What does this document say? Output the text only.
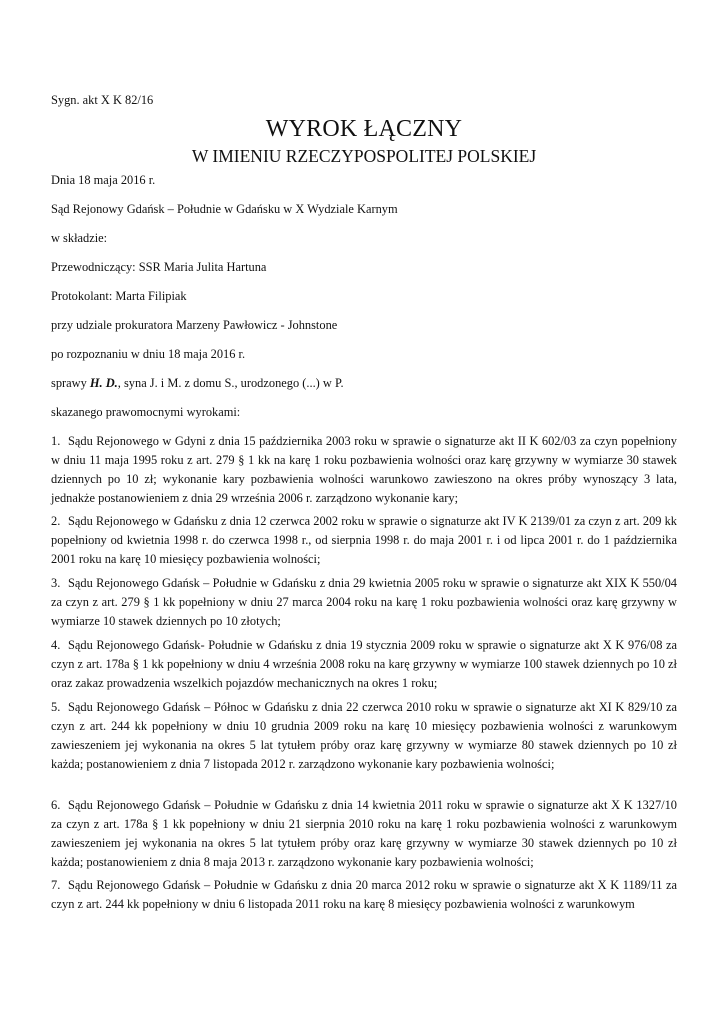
Sygn. akt X K 82/16
WYROK ŁĄCZNY
W IMIENIU RZECZYPOSPOLITEJ POLSKIEJ
Dnia 18 maja 2016 r.
Sąd Rejonowy Gdańsk – Południe w Gdańsku w X Wydziale Karnym
w składzie:
Przewodniczący: SSR Maria Julita Hartuna
Protokolant: Marta Filipiak
przy udziale prokuratora Marzeny Pawłowicz - Johnstone
po rozpoznaniu w dniu 18 maja 2016 r.
sprawy H. D., syna J. i M. z domu S., urodzonego (...) w P.
skazanego prawomocnymi wyrokami:
1. Sądu Rejonowego w Gdyni z dnia 15 października 2003 roku w sprawie o signaturze akt II K 602/03 za czyn popełniony w dniu 11 maja 1995 roku z art. 279 § 1 kk na karę 1 roku pozbawienia wolności oraz karę grzywny w wymiarze 30 stawek dziennych po 10 zł; wykonanie kary pozbawienia wolności warunkowo zawieszono na okres próby wynoszący 3 lata, jednakże postanowieniem z dnia 29 września 2006 r. zarządzono wykonanie kary;
2. Sądu Rejonowego w Gdańsku z dnia 12 czerwca 2002 roku w sprawie o signaturze akt IV K 2139/01 za czyn z art. 209 kk popełniony od kwietnia 1998 r. do czerwca 1998 r., od sierpnia 1998 r. do maja 2001 r. i od lipca 2001 r. do 1 października 2001 roku na karę 10 miesięcy pozbawienia wolności;
3. Sądu Rejonowego Gdańsk – Południe w Gdańsku z dnia 29 kwietnia 2005 roku w sprawie o signaturze akt XIX K 550/04 za czyn z art. 279 § 1 kk popełniony w dniu 27 marca 2004 roku na karę 1 roku pozbawienia wolności oraz karę grzywny w wymiarze 10 stawek dziennych po 10 złotych;
4. Sądu Rejonowego Gdańsk- Południe w Gdańsku z dnia 19 stycznia 2009 roku w sprawie o signaturze akt X K 976/08 za czyn z art. 178a § 1 kk popełniony w dniu 4 września 2008 roku na karę grzywny w wymiarze 100 stawek dziennych po 10 zł oraz zakaz prowadzenia wszelkich pojazdów mechanicznych na okres 1 roku;
5. Sądu Rejonowego Gdańsk – Północ w Gdańsku z dnia 22 czerwca 2010 roku w sprawie o signaturze akt XI K 829/10 za czyn z art. 244 kk popełniony w dniu 10 grudnia 2009 roku na karę 10 miesięcy pozbawienia wolności z warunkowym zawieszeniem jej wykonania na okres 5 lat tytułem próby oraz karę grzywny w wymiarze 80 stawek dziennych po 10 zł każda; postanowieniem z dnia 7 listopada 2012 r. zarządzono wykonanie kary pozbawienia wolności;
6. Sądu Rejonowego Gdańsk – Południe w Gdańsku z dnia 14 kwietnia 2011 roku w sprawie o signaturze akt X K 1327/10 za czyn z art. 178a § 1 kk popełniony w dniu 21 sierpnia 2010 roku na karę 1 roku pozbawienia wolności z warunkowym zawieszeniem jej wykonania na okres 5 lat tytułem próby oraz karę grzywny w wymiarze 30 stawek dziennych po 10 zł każda; postanowieniem z dnia 8 maja 2013 r. zarządzono wykonanie kary pozbawienia wolności;
7. Sądu Rejonowego Gdańsk – Południe w Gdańsku z dnia 20 marca 2012 roku w sprawie o signaturze akt X K 1189/11 za czyn z art. 244 kk popełniony w dniu 6 listopada 2011 roku na karę 8 miesięcy pozbawienia wolności z warunkowym
